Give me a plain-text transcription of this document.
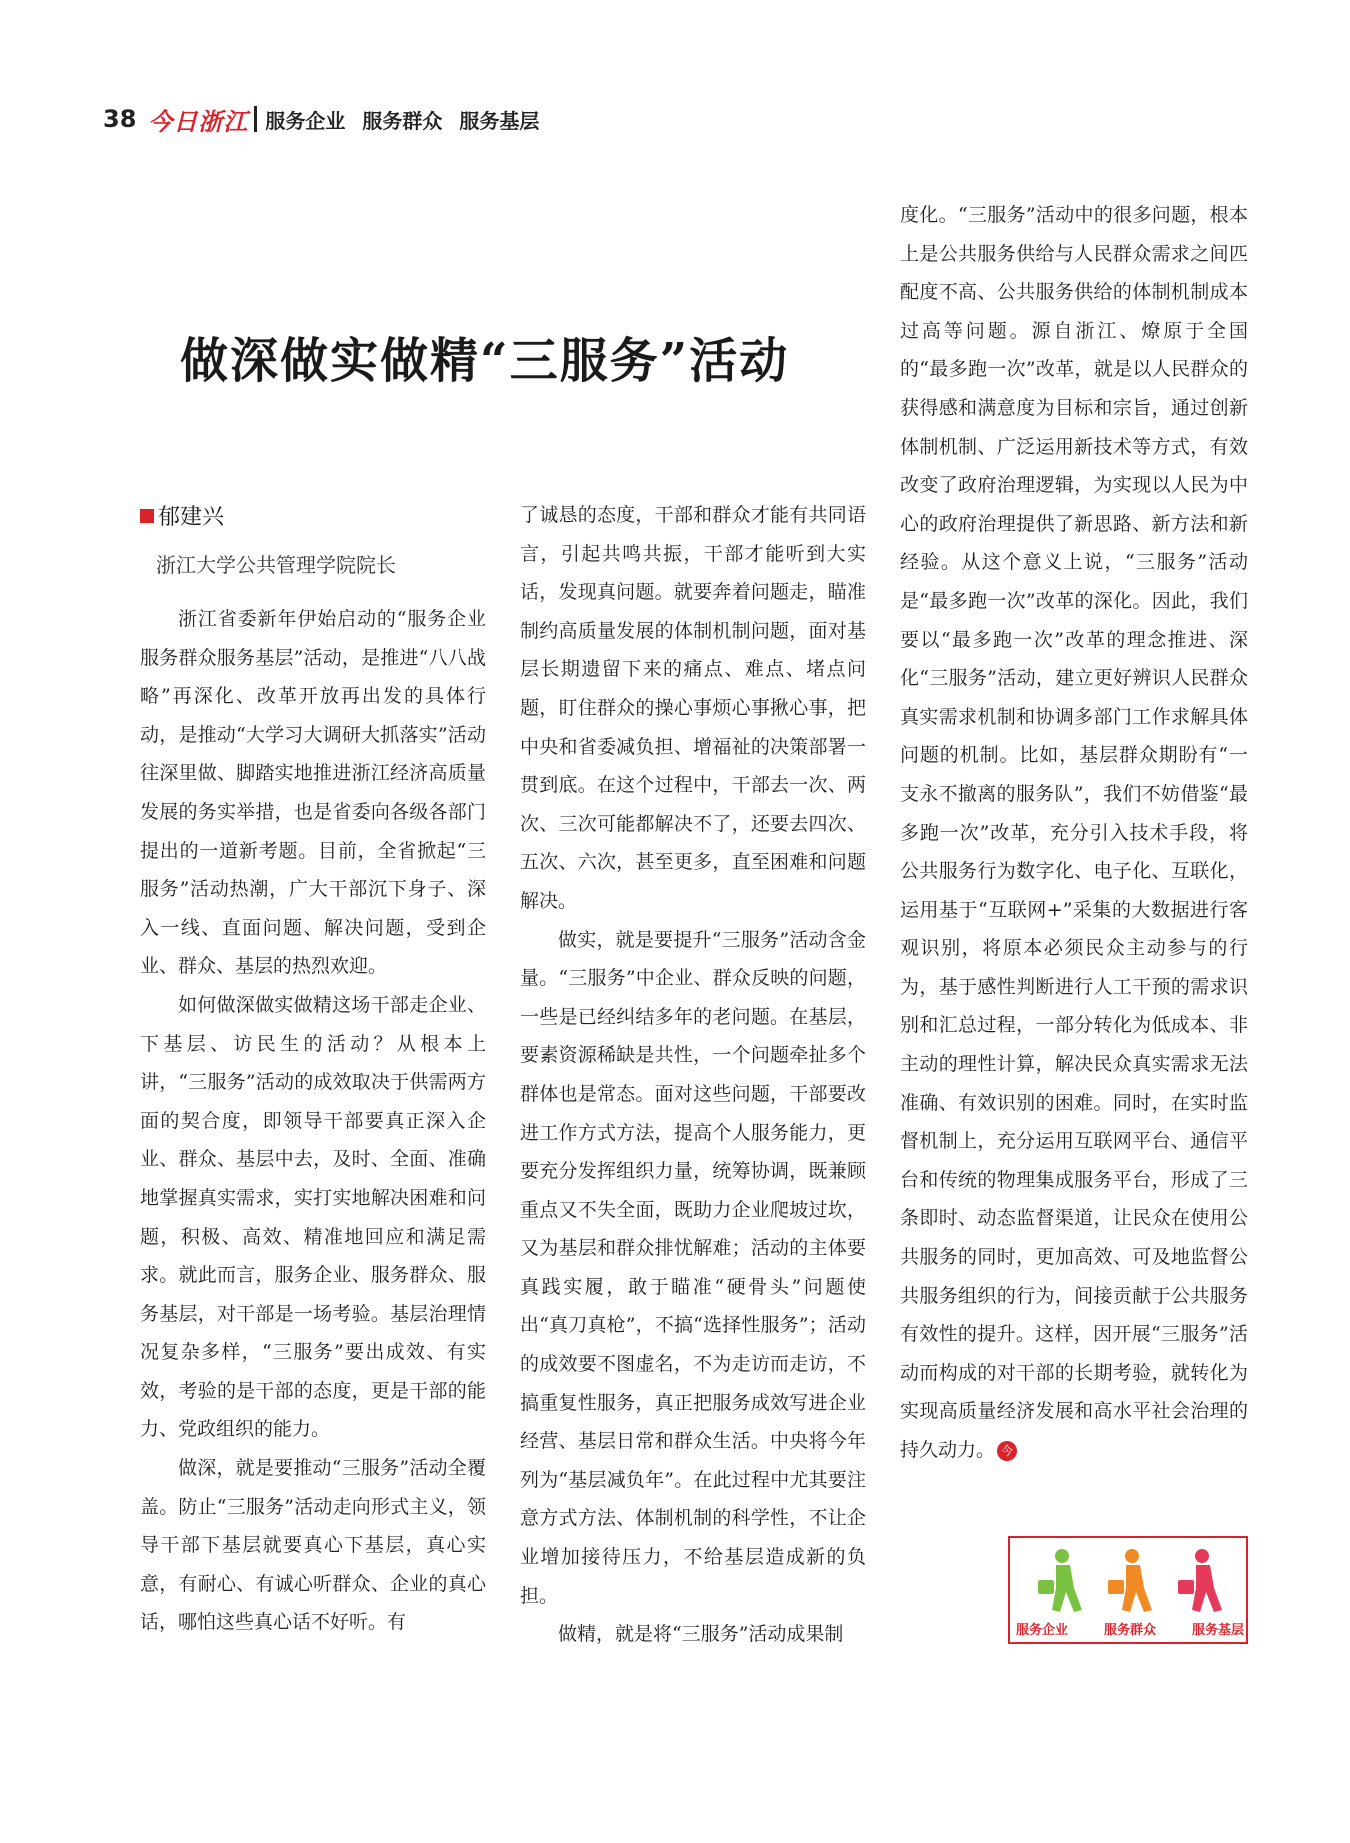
38 今日浙江 服务企业 服务群众 服务基层
做深做实做精“三服务”活动
郁建兴
浙江大学公共管理学院院长

浙江省委新年伊始启动的“服务企业服务群众服务基层”活动，是推进“八八战略”再深化、改革开放再出发的具体行动，是推动“大学习大调研大抓落实”活动往深里做、脚踏实地推进浙江经济高质量发展的务实举措，也是省委向各级各部门提出的一道新考题。目前，全省掀起“三服务”活动热潮，广大干部沉下身子、深入一线、直面问题、解决问题，受到企业、群众、基层的热烈欢迎。

如何做深做实做精这场干部走企业、下基层、访民生的活动？从根本上讲，“三服务”活动的成效取决于供需两方面的契合度，即领导干部要真正深入企业、群众、基层中去，及时、全面、准确地掌握真实需求，实打实地解决困难和问题，积极、高效、精准地回应和满足需求。就此而言，服务企业、服务群众、服务基层，对干部是一场考验。基层治理情况复杂多样，“三服务”要出成效、有实效，考验的是干部的态度，更是干部的能力、党政组织的能力。

做深，就是要推动“三服务”活动全覆盖。防止“三服务”活动走向形式主义，领导干部下基层就要真心下基层，真心实意，有耐心、有诚心听群众、企业的真心话，哪怕这些真心话不好听。有

了诚恳的态度，干部和群众才能有共同语言，引起共鸣共振，干部才能听到大实话，发现真问题。就要奔着问题走，瞄准制约高质量发展的体制机制问题，面对基层长期遗留下来的痛点、难点、堵点问题，盯住群众的操心事烦心事揪心事，把中央和省委减负担、增福祉的决策部署一贯到底。在这个过程中，干部去一次、两次、三次可能都解决不了，还要去四次、五次、六次，甚至更多，直至困难和问题解决。

做实，就是要提升“三服务”活动含金量。“三服务”中企业、群众反映的问题，一些是已经纠结多年的老问题。在基层，要素资源稀缺是共性，一个问题牵扯多个群体也是常态。面对这些问题，干部要改进工作方式方法，提高个人服务能力，更要充分发挥组织力量，统筹协调，既兼顾重点又不失全面，既助力企业爬坡过坎，又为基层和群众排忧解难；活动的主体要真践实履，敢于瞄准“硬骨头”问题使出“真刀真枪”，不搞“选择性服务”；活动的成效要不图虚名，不为走访而走访，不搞重复性服务，真正把服务成效写进企业经营、基层日常和群众生活。中央将今年列为“基层减负年”。在此过程中尤其要注意方式方法、体制机制的科学性，不让企业增加接待压力，不给基层造成新的负担。

做精，就是将“三服务”活动成果制

度化。“三服务”活动中的很多问题，根本上是公共服务供给与人民群众需求之间匹配度不高、公共服务供给的体制机制成本过高等问题。源自浙江、燎原于全国的“最多跑一次”改革，就是以人民群众的获得感和满意度为目标和宗旨，通过创新体制机制、广泛运用新技术等方式，有效改变了政府治理逻辑，为实现以人民为中心的政府治理提供了新思路、新方法和新经验。从这个意义上说，“三服务”活动是“最多跑一次”改革的深化。因此，我们要以“最多跑一次”改革的理念推进、深化“三服务”活动，建立更好辨识人民群众真实需求机制和协调多部门工作求解具体问题的机制。比如，基层群众期盼有“一支永不撤离的服务队”，我们不妨借鉴“最多跑一次”改革，充分引入技术手段，将公共服务行为数字化、电子化、互联化，运用基于“互联网+”采集的大数据进行客观识别，将原本必须民众主动参与的行为，基于感性判断进行人工干预的需求识别和汇总过程，一部分转化为低成本、非主动的理性计算，解决民众真实需求无法准确、有效识别的困难。同时，在实时监督机制上，充分运用互联网平台、通信平台和传统的物理集成服务平台，形成了三条即时、动态监督渠道，让民众在使用公共服务的同时，更加高效、可及地监督公共服务组织的行为，间接贡献于公共服务有效性的提升。这样，因开展“三服务”活动而构成的对干部的长期考验，就转化为实现高质量经济发展和高水平社会治理的持久动力。 今

服务企业	服务群众	服务基层
